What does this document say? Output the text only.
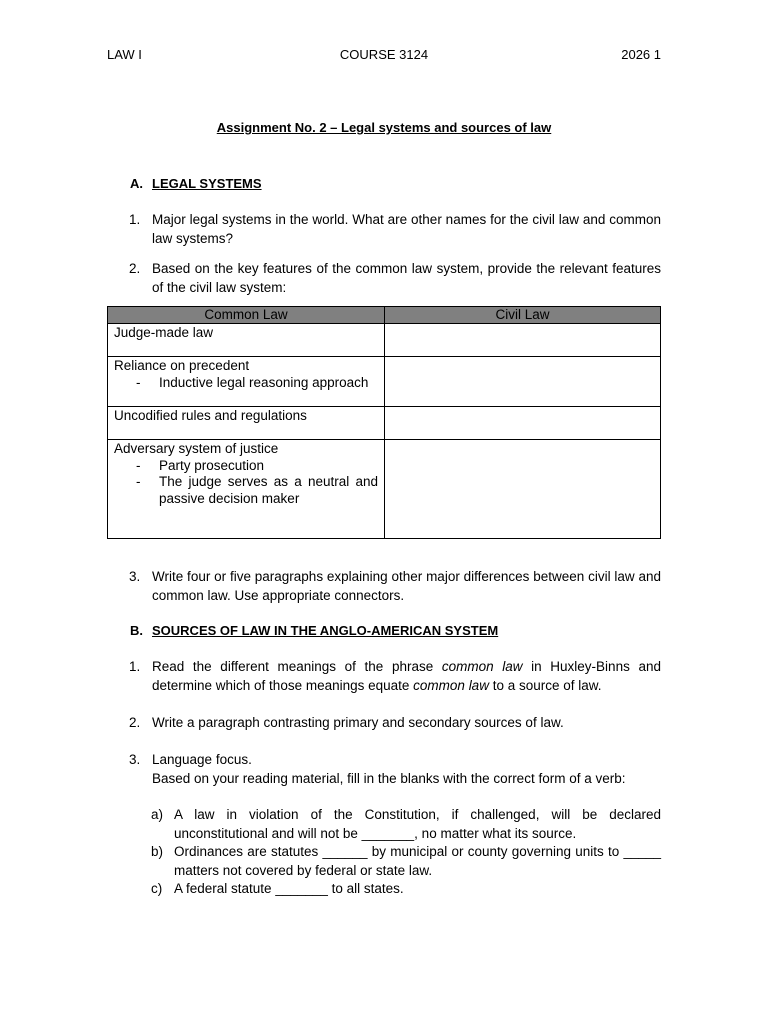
LAW I	COURSE 3124	2026 1
Assignment No. 2 – Legal systems and sources of law
A. LEGAL SYSTEMS
1. Major legal systems in the world. What are other names for the civil law and common law systems?
2. Based on the key features of the common law system, provide the relevant features of the civil law system:
Common Law	Civil Law
Judge-made law	
Reliance on precedent
- Inductive legal reasoning approach	

Uncodified rules and regulations	
Adversary system of justice
- Party prosecution
- The judge serves as a neutral and passive decision maker	

3. Write four or five paragraphs explaining other major differences between civil law and common law. Use appropriate connectors.
B. SOURCES OF LAW IN THE ANGLO-AMERICAN SYSTEM
1. Read the different meanings of the phrase common law in Huxley-Binns and determine which of those meanings equate common law to a source of law.
2. Write a paragraph contrasting primary and secondary sources of law.
3. Language focus.
Based on your reading material, fill in the blanks with the correct form of a verb:
a) A law in violation of the Constitution, if challenged, will be declared unconstitutional and will not be _______, no matter what its source.
b) Ordinances are statutes ______ by municipal or county governing units to _____ matters not covered by federal or state law.
c) A federal statute _______ to all states.
